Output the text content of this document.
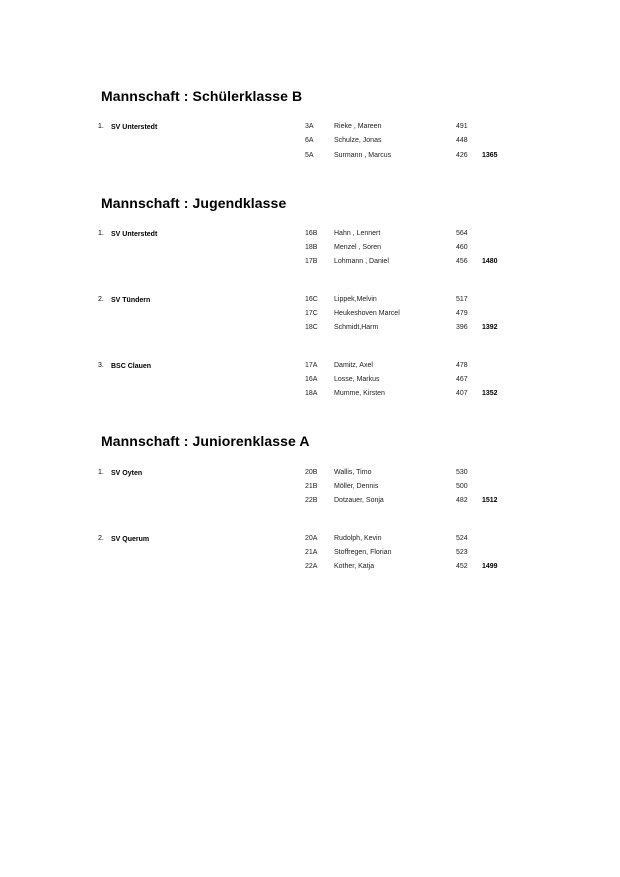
Mannschaft : Schülerklasse B
1. SV Unterstedt	3A	Rieke , Mareen	491
6A	Schulze, Jonas	448
5A	Surmann , Marcus	426 1365
Mannschaft : Jugendklasse
1. SV Unterstedt	16B Hahn , Lennert	564
18B Menzel , Soren	460
17B Lohmann , Daniel	456 1480
2. SV Tündern	16C Lippek,Melvin	517
17C Heukeshoven Marcel	479
18C Schmidt,Harm	396 1392
3. BSC Clauen	17A Damitz, Axel	478
16A Losse, Markus	467
18A Mumme, Kirsten	407 1352
Mannschaft : Juniorenklasse A
1. SV Oyten	20B Wallis, Timo	530
21B Möller, Dennis	500
22B Dotzauer, Sonja	482 1512
2. SV Querum	20A Rudolph, Kevin	524
21A Stoffregen, Florian	523
22A Kother, Katja	452 1499
